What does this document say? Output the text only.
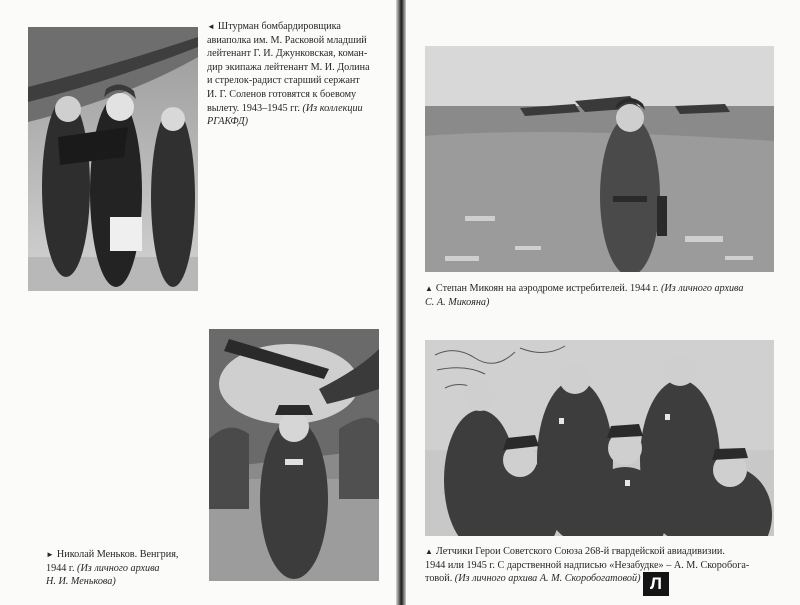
◄ Штурман бомбардировщика
авиаполка им. М. Расковой младший
лейтенант Г. И. Джунковская, коман-
дир экипажа лейтенант М. И. Долина
и стрелок-радист старший сержант
И. Г. Соленов готовятся к боевому
вылету. 1943–1945 гг. (Из коллекции
РГАКФД)
► Николай Меньков. Венгрия,
1944 г. (Из личного архива
Н. И. Менькова)
▲ Степан Микоян на аэродроме истребителей. 1944 г. (Из личного архива
С. А. Микояна)
▲ Летчики Герои Советского Союза 268-й гвардейской авиадивизии.
1944 или 1945 г. С дарственной надписью «Незабудке» – А. М. Скоробога-
товой. (Из личного архива А. М. Скоробогатовой) Л
